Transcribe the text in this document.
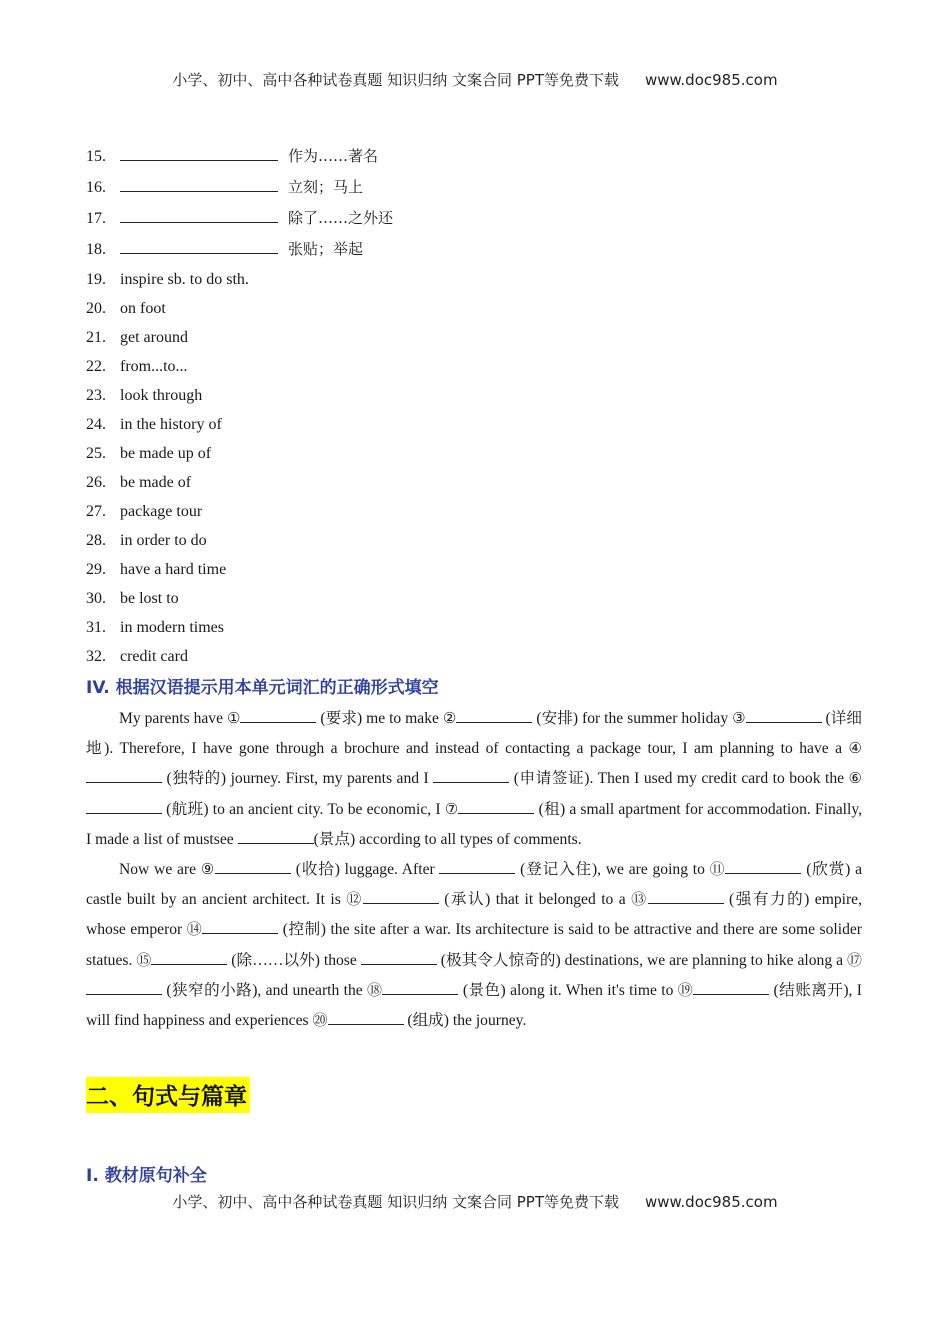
小学、初中、高中各种试卷真题 知识归纳 文案合同 PPT等免费下载 www.doc985.com
15.	作为……著名
16.	立刻；马上
17.	除了……之外还
18.	张贴；举起
19. inspire sb. to do sth.
20. on foot
21. get around
22. from...to...
23. look through
24. in the history of
25. be made up of
26. be made of
27. package tour
28. in order to do
29. have a hard time
30. be lost to
31. in modern times
32. credit card
IV. 根据汉语提示用本单元词汇的正确形式填空

My parents have ①	(要求) me to make ②	(安排) for the summer holiday ③	(详细地). Therefore, I have gone through a brochure and instead of contacting a package tour, I am planning to have a ④ (独特的) journey. First, my parents and I	(申请签证). Then I used my credit card to book the ⑥ (航班) to an ancient city. To be economic, I ⑦	(租) a small apartment for accommodation. Finally, I made a list of mustsee	(景点) according to all types of comments.

Now we are ⑨	(收拾) luggage. After	(登记入住), we are going to ⑪	(欣赏) a castle built by an ancient architect. It is ⑫	(承认) that it belonged to a ⑬	(强有力的) empire, whose emperor ⑭	(控制) the site after a war. Its architecture is said to be attractive and there are some solider statues. ⑮	(除……以外) those	(极其令人惊奇的) destinations, we are planning to hike along a ⑰ (狭窄的小路), and unearth the ⑱	(景色) along it. When it's time to ⑲	(结账离开), I will find happiness and experiences ⑳	(组成) the journey.

二、句式与篇章
I. 教材原句补全
小学、初中、高中各种试卷真题 知识归纳 文案合同 PPT等免费下载 www.doc985.com
